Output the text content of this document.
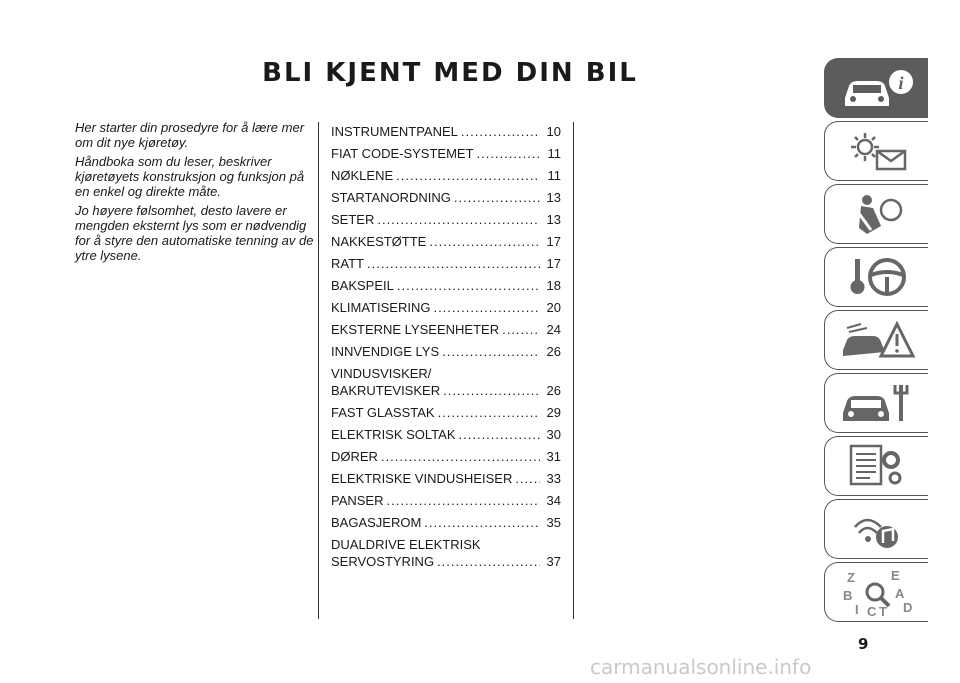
BLI KJENT MED DIN BIL

Her starter din prosedyre for å lære mer om dit nye kjøretøy.

Håndboka som du leser, beskriver kjøretøyets konstruksjon og funksjon på en enkel og direkte måte.

Jo høyere følsomhet, desto lavere er mengden eksternt lys som er nødvendig for å styre den automatiske tenning av de ytre lysene.

INSTRUMENTPANEL .....	10
FIAT CODE-SYSTEMET .....	11
NØKLENE .....	11
STARTANORDNING .....	13
SETER .....	13
NAKKESTØTTE .....	17
RATT .....	17
BAKSPEIL .....	18
KLIMATISERING .....	20
EKSTERNE LYSEENHETER .....	24
INNVENDIGE LYS .....	26
VINDUSVISKER/
BAKRUTEVISKER .....	26
FAST GLASSTAK .....	29
ELEKTRISK SOLTAK .....	30
DØRER .....	31
ELEKTRISKE VINDUSHEISER .....	33
PANSER .....	34
BAGASJEROM .....	35
DUALDRIVE ELEKTRISK
SERVOSTYRING .....	37
i
Z	E
B	A
I C T D
9
carmanualsonline.info
